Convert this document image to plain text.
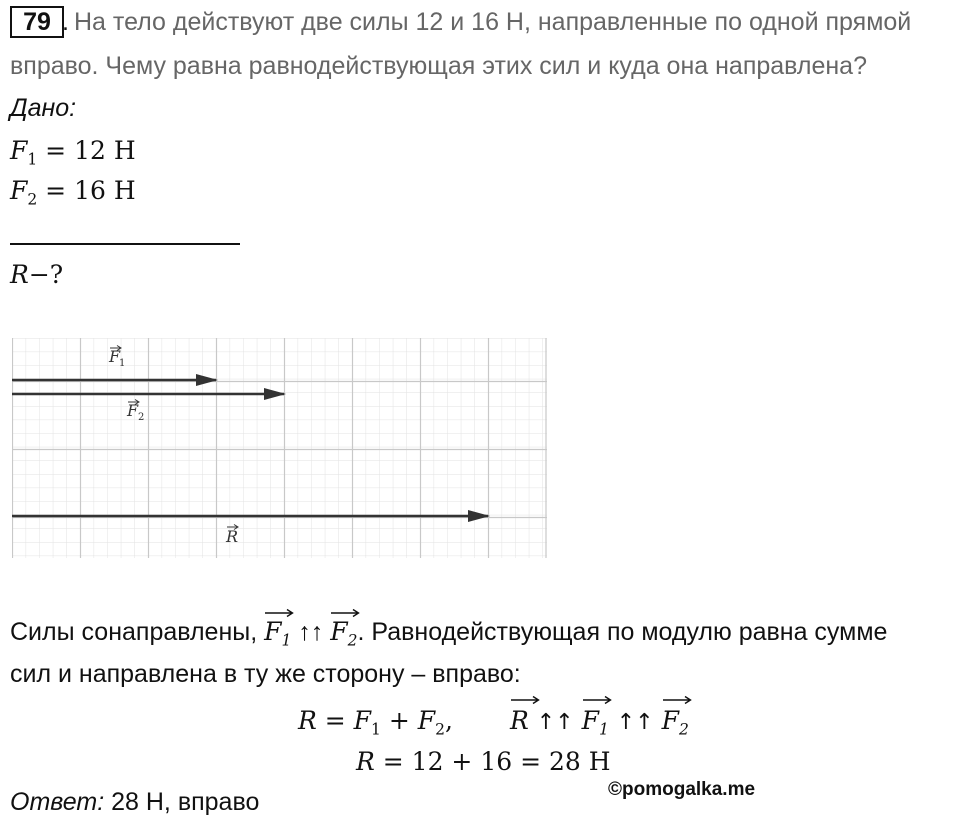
79 . На тело действуют две силы 12 и 16 Н, направленные по одной прямой
вправо. Чему равна равнодействующая этих сил и куда она направлена?
Дано:
$F_1 = 12$ Н
$F_2 = 16$ Н
R−?
F
1
F 2
R
Силы сонаправлены,
$F_1$ ↑↑ $F_2$. Равнодействующая по модулю равна сумме
сил и направлена в ту же сторону – вправо:
$R = F_1 + F_2$, R ↑↑ $F_1$ ↑↑ $F_2$
R = 12 + 16 = 28 Н
©pomogalka.me
Ответ: 28 Н, вправо
